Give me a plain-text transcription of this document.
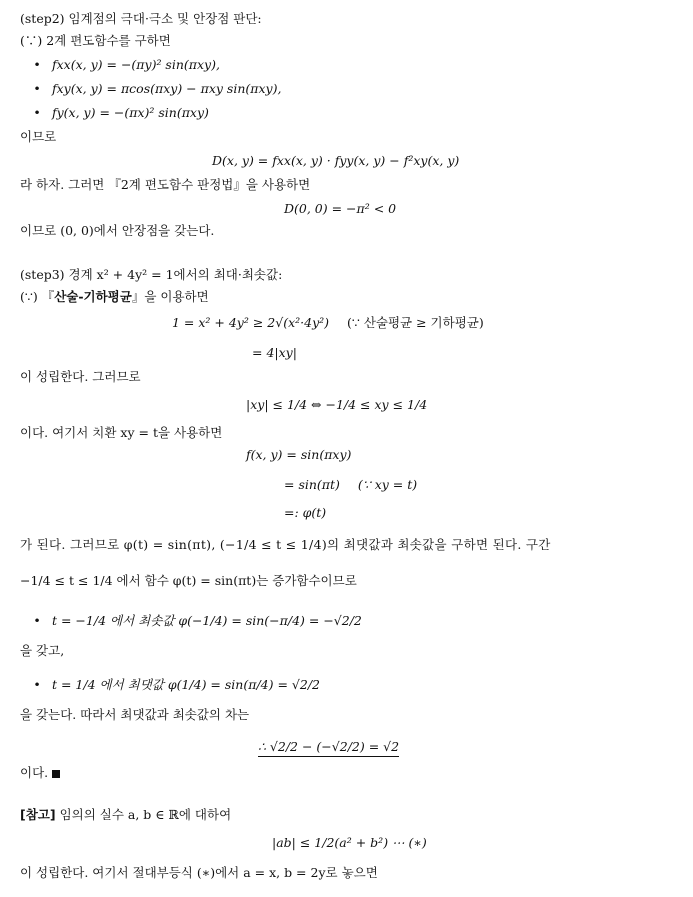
(step2) 임계점의 극대·극소 및 안장점 판단:
(∵) 2계 편도함수를 구하면
• fxx(x, y) = −(πy)² sin(πxy),
• fxy(x, y) = πcos(πxy) − πxy sin(πxy),
• fy(x, y) = −(πx)² sin(πxy)
이므로
D(x, y) = fxx(x, y) · fyy(x, y) − f²xy(x, y)
라 하자. 그러면 『2계 편도함수 판정법』을 사용하면
D(0, 0) = −π² < 0
이므로 (0, 0)에서 안장점을 갖는다.
(step3) 경계 x² + 4y² = 1에서의 최대·최솟값:
(∵) 『산술-기하평균』을 이용하면
1 = x² + 4y² ≥ 2√(x²·4y²) (∵ 산술평균 ≥ 기하평균)
= 4|xy|
이 성립한다. 그러므로
|xy| ≤ 1/4 ⇔ −1/4 ≤ xy ≤ 1/4
이다. 여기서 치환 xy = t을 사용하면
f(x, y) = sin(πxy)
= sin(πt) (∵ xy = t)
=: φ(t)
가 된다. 그러므로 φ(t) = sin(πt), (−1/4 ≤ t ≤ 1/4)의 최댓값과 최솟값을 구하면 된다. 구간
−1/4 ≤ t ≤ 1/4 에서 함수 φ(t) = sin(πt)는 증가함수이므로
• t = −1/4 에서 최솟값 φ(−1/4) = sin(−π/4) = −√2/2
을 갖고,
• t = 1/4 에서 최댓값 φ(1/4) = sin(π/4) = √2/2
을 갖는다. 따라서 최댓값과 최솟값의 차는
∴ √2/2 − (−√2/2) = √2
이다.
[참고] 임의의 실수 a, b ∈ ℝ에 대하여
|ab| ≤ 1/2(a² + b²) ⋯ (∗)
이 성립한다. 여기서 절대부등식 (∗)에서 a = x, b = 2y로 놓으면
